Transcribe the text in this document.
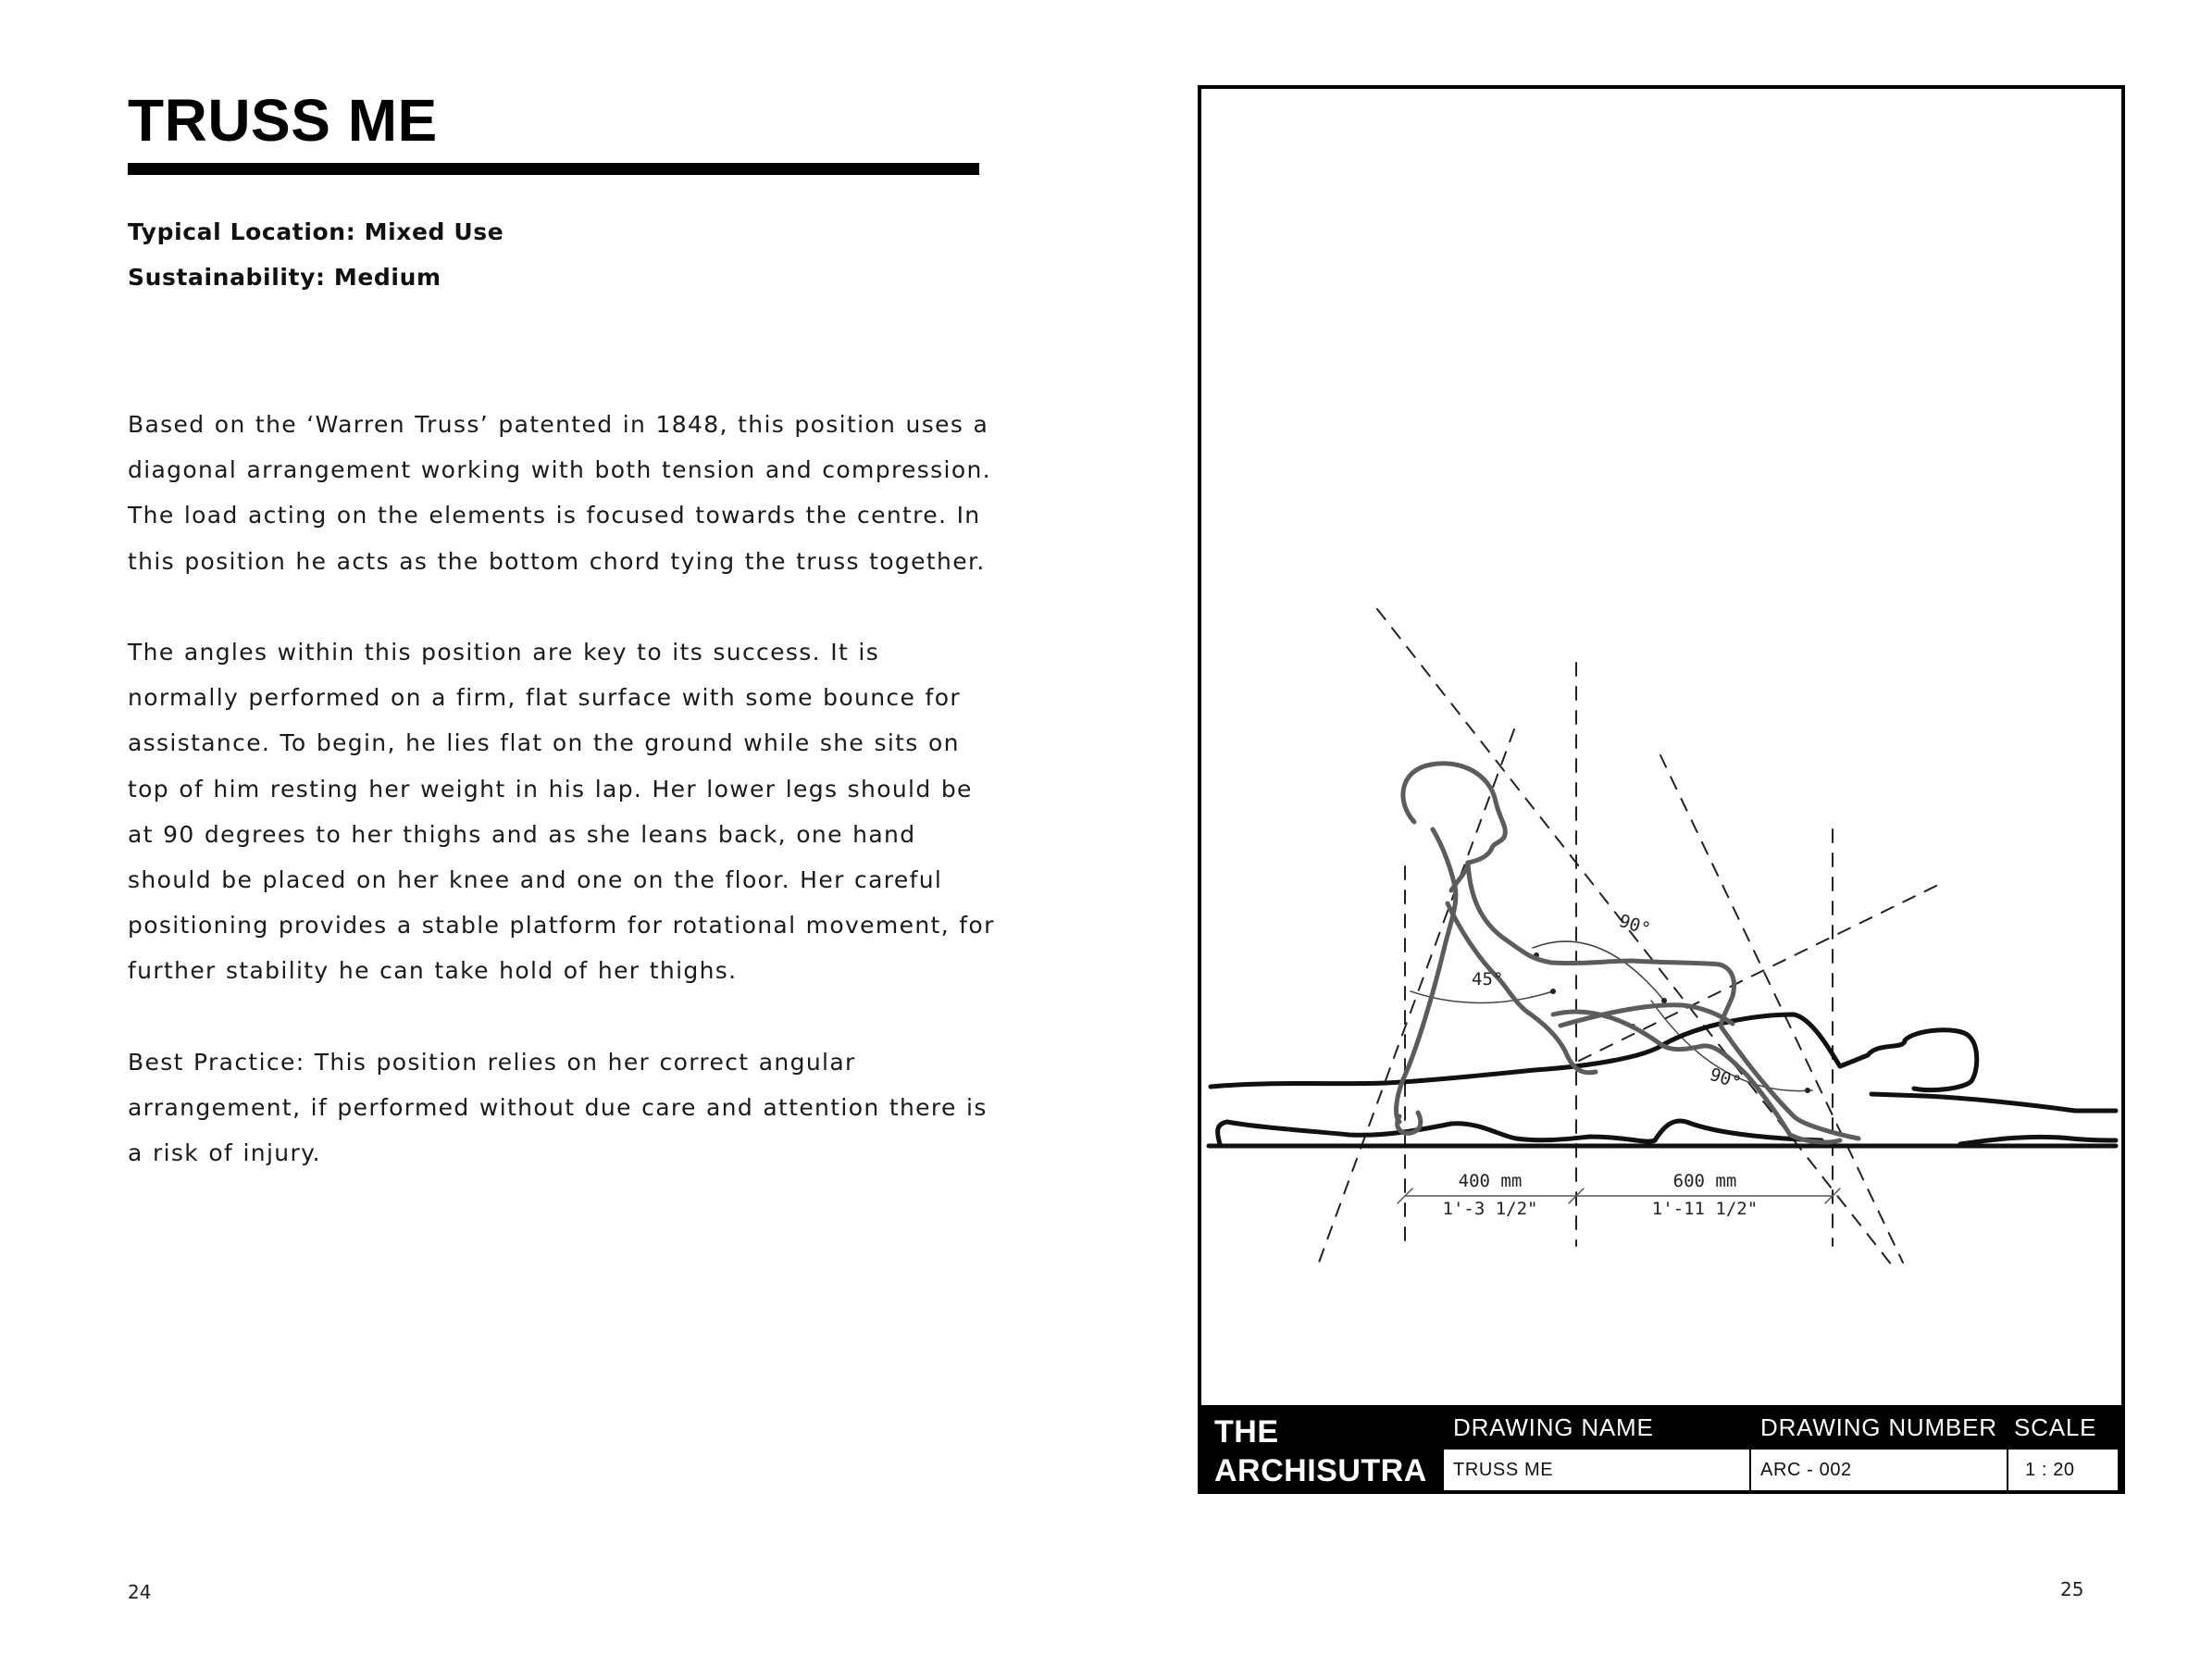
TRUSS ME
Typical Location: Mixed Use
Sustainability: Medium

Based on the ‘Warren Truss’ patented in 1848, this position uses a diagonal arrangement working with both tension and compression. The load acting on the elements is focused towards the centre. In this position he acts as the bottom chord tying the truss together.

The angles within this position are key to its success. It is normally performed on a firm, flat surface with some bounce for assistance. To begin, he lies flat on the ground while she sits on top of him resting her weight in his lap. Her lower legs should be at 90 degrees to her thighs and as she leans back, one hand should be placed on her knee and one on the floor. Her careful positioning provides a stable platform for rotational movement, for further stability he can take hold of her thighs.

Best Practice: This position relies on her correct angular arrangement, if performed without due care and attention there is a risk of injury.

24
45°
90°
90°
400 mm
1'-3 1/2"
600 mm
1'-11 1/2"
THE
ARCHISUTRA
DRAWING NAME	DRAWING NUMBER SCALE
TRUSS ME	ARC - 002	1 : 20
25
